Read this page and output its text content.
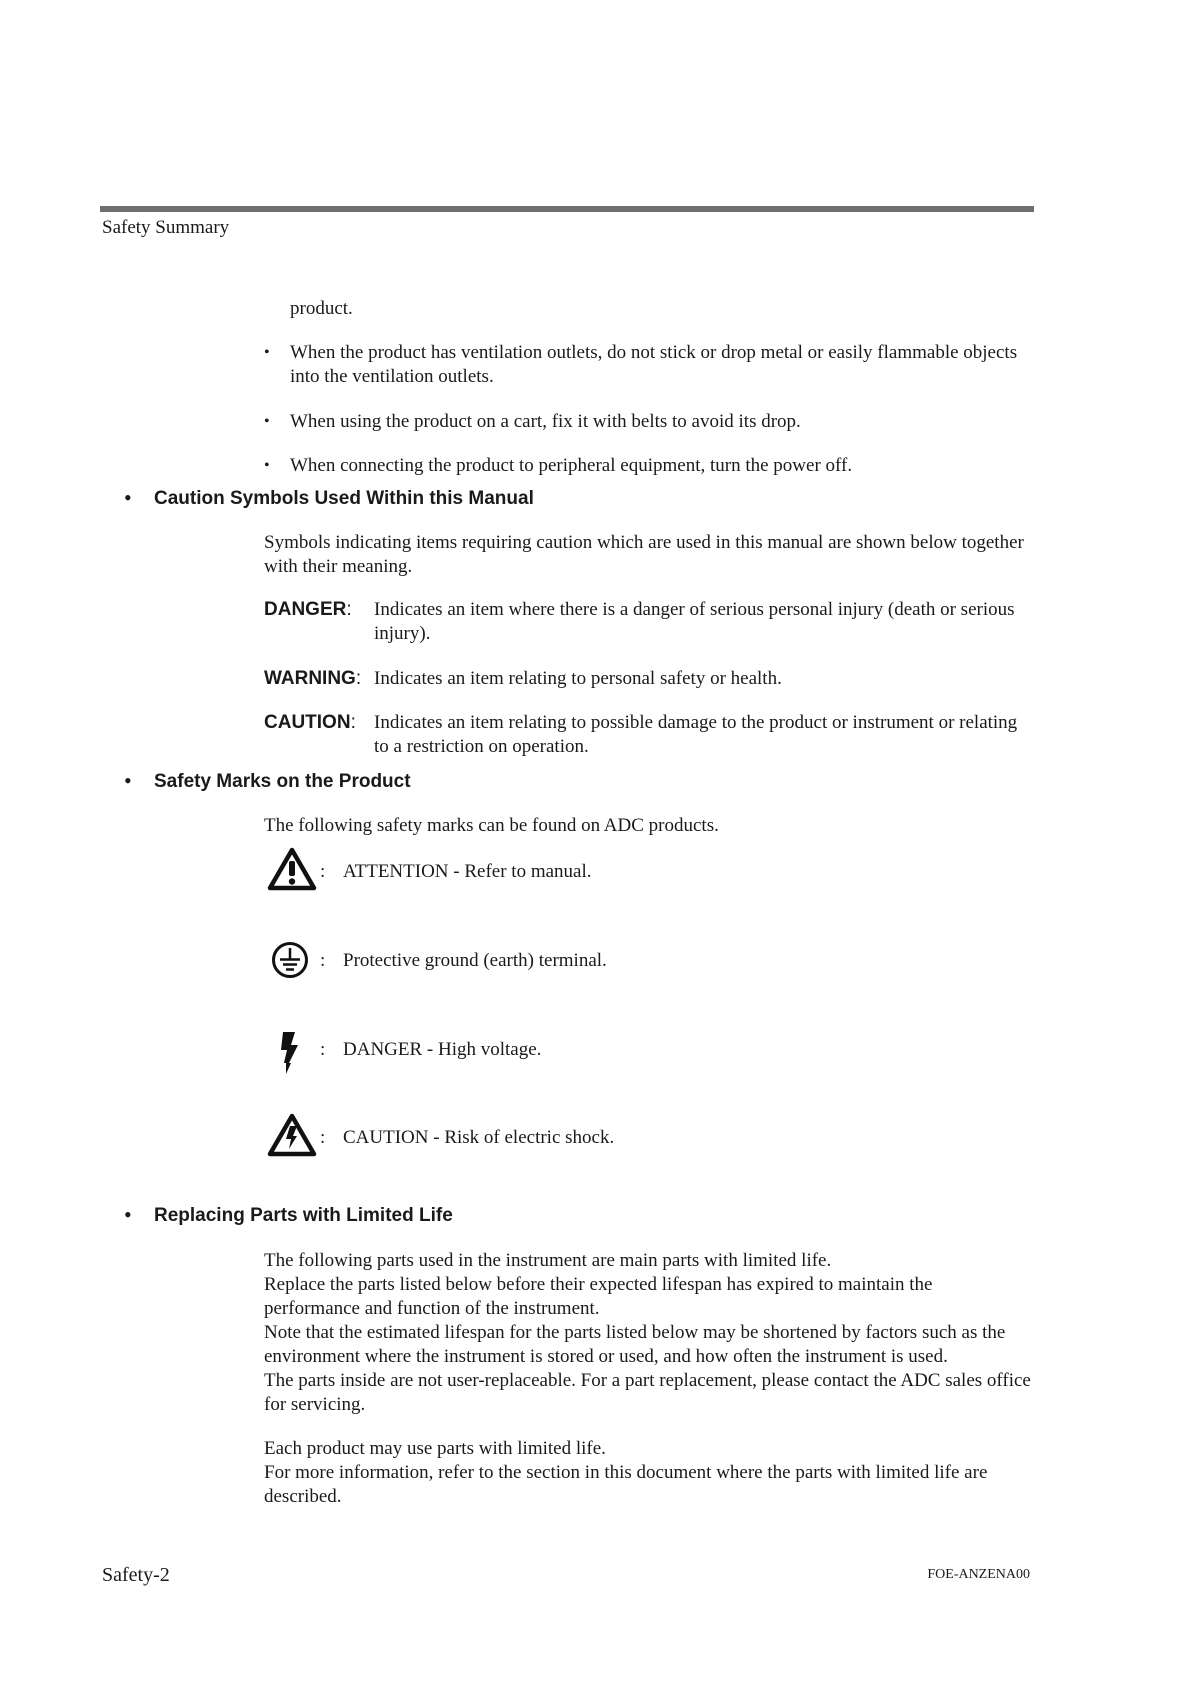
Safety Summary
product.
• When the product has ventilation outlets, do not stick or drop metal or easily flammable objects into the ventilation outlets.
• When using the product on a cart, fix it with belts to avoid its drop.
• When connecting the product to peripheral equipment, turn the power off.
• Caution Symbols Used Within this Manual
Symbols indicating items requiring caution which are used in this manual are shown below together with their meaning.
DANGER: Indicates an item where there is a danger of serious personal injury (death or serious injury).
WARNING: Indicates an item relating to personal safety or health.
CAUTION: Indicates an item relating to possible damage to the product or instrument or relating to a restriction on operation.
• Safety Marks on the Product
The following safety marks can be found on ADC products.
: ATTENTION - Refer to manual.
: Protective ground (earth) terminal.
: DANGER - High voltage.
: CAUTION - Risk of electric shock.
• Replacing Parts with Limited Life
The following parts used in the instrument are main parts with limited life.
Replace the parts listed below before their expected lifespan has expired to maintain the performance and function of the instrument.
Note that the estimated lifespan for the parts listed below may be shortened by factors such as the environment where the instrument is stored or used, and how often the instrument is used.
The parts inside are not user-replaceable. For a part replacement, please contact the ADC sales office for servicing.
Each product may use parts with limited life.
For more information, refer to the section in this document where the parts with limited life are described.
Safety-2	FOE-ANZENA00
